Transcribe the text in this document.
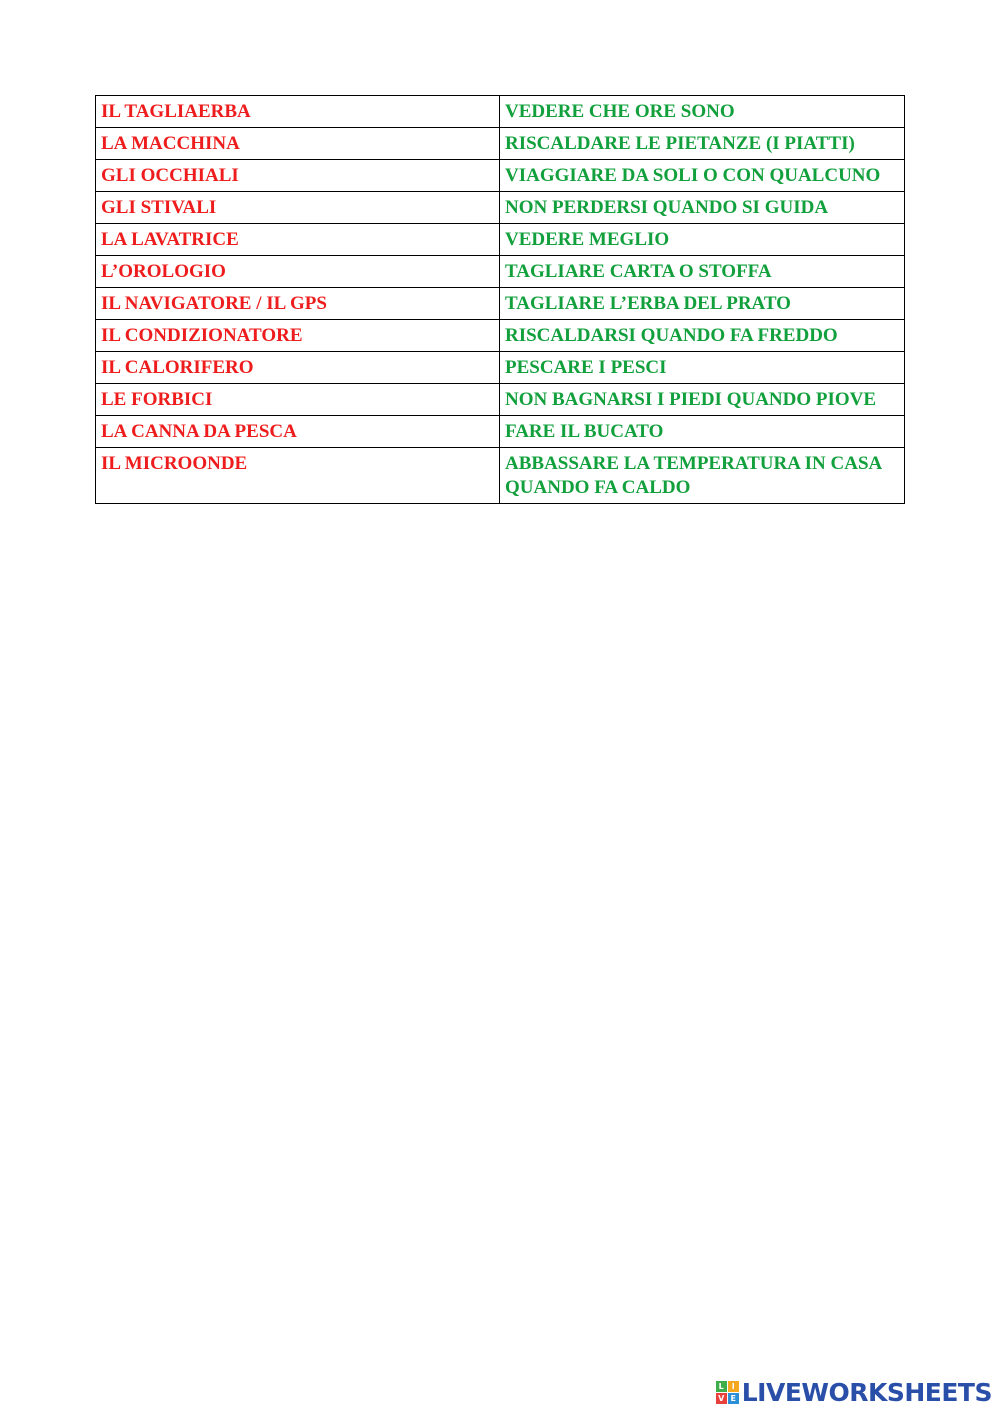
IL TAGLIAERBA	VEDERE CHE ORE SONO
LA MACCHINA	RISCALDARE LE PIETANZE (I PIATTI)
GLI OCCHIALI	VIAGGIARE DA SOLI O CON QUALCUNO
GLI STIVALI	NON PERDERSI QUANDO SI GUIDA
LA LAVATRICE	VEDERE MEGLIO
L’OROLOGIO	TAGLIARE CARTA O STOFFA
IL NAVIGATORE / IL GPS	TAGLIARE L’ERBA DEL PRATO
IL CONDIZIONATORE	RISCALDARSI QUANDO FA FREDDO
IL CALORIFERO	PESCARE I PESCI
LE FORBICI	NON BAGNARSI I PIEDI QUANDO PIOVE
LA CANNA DA PESCA	FARE IL BUCATO
IL MICROONDE	ABBASSARE LA TEMPERATURA IN CASA QUANDO FA CALDO
L I
V E LIVEWORKSHEETS
